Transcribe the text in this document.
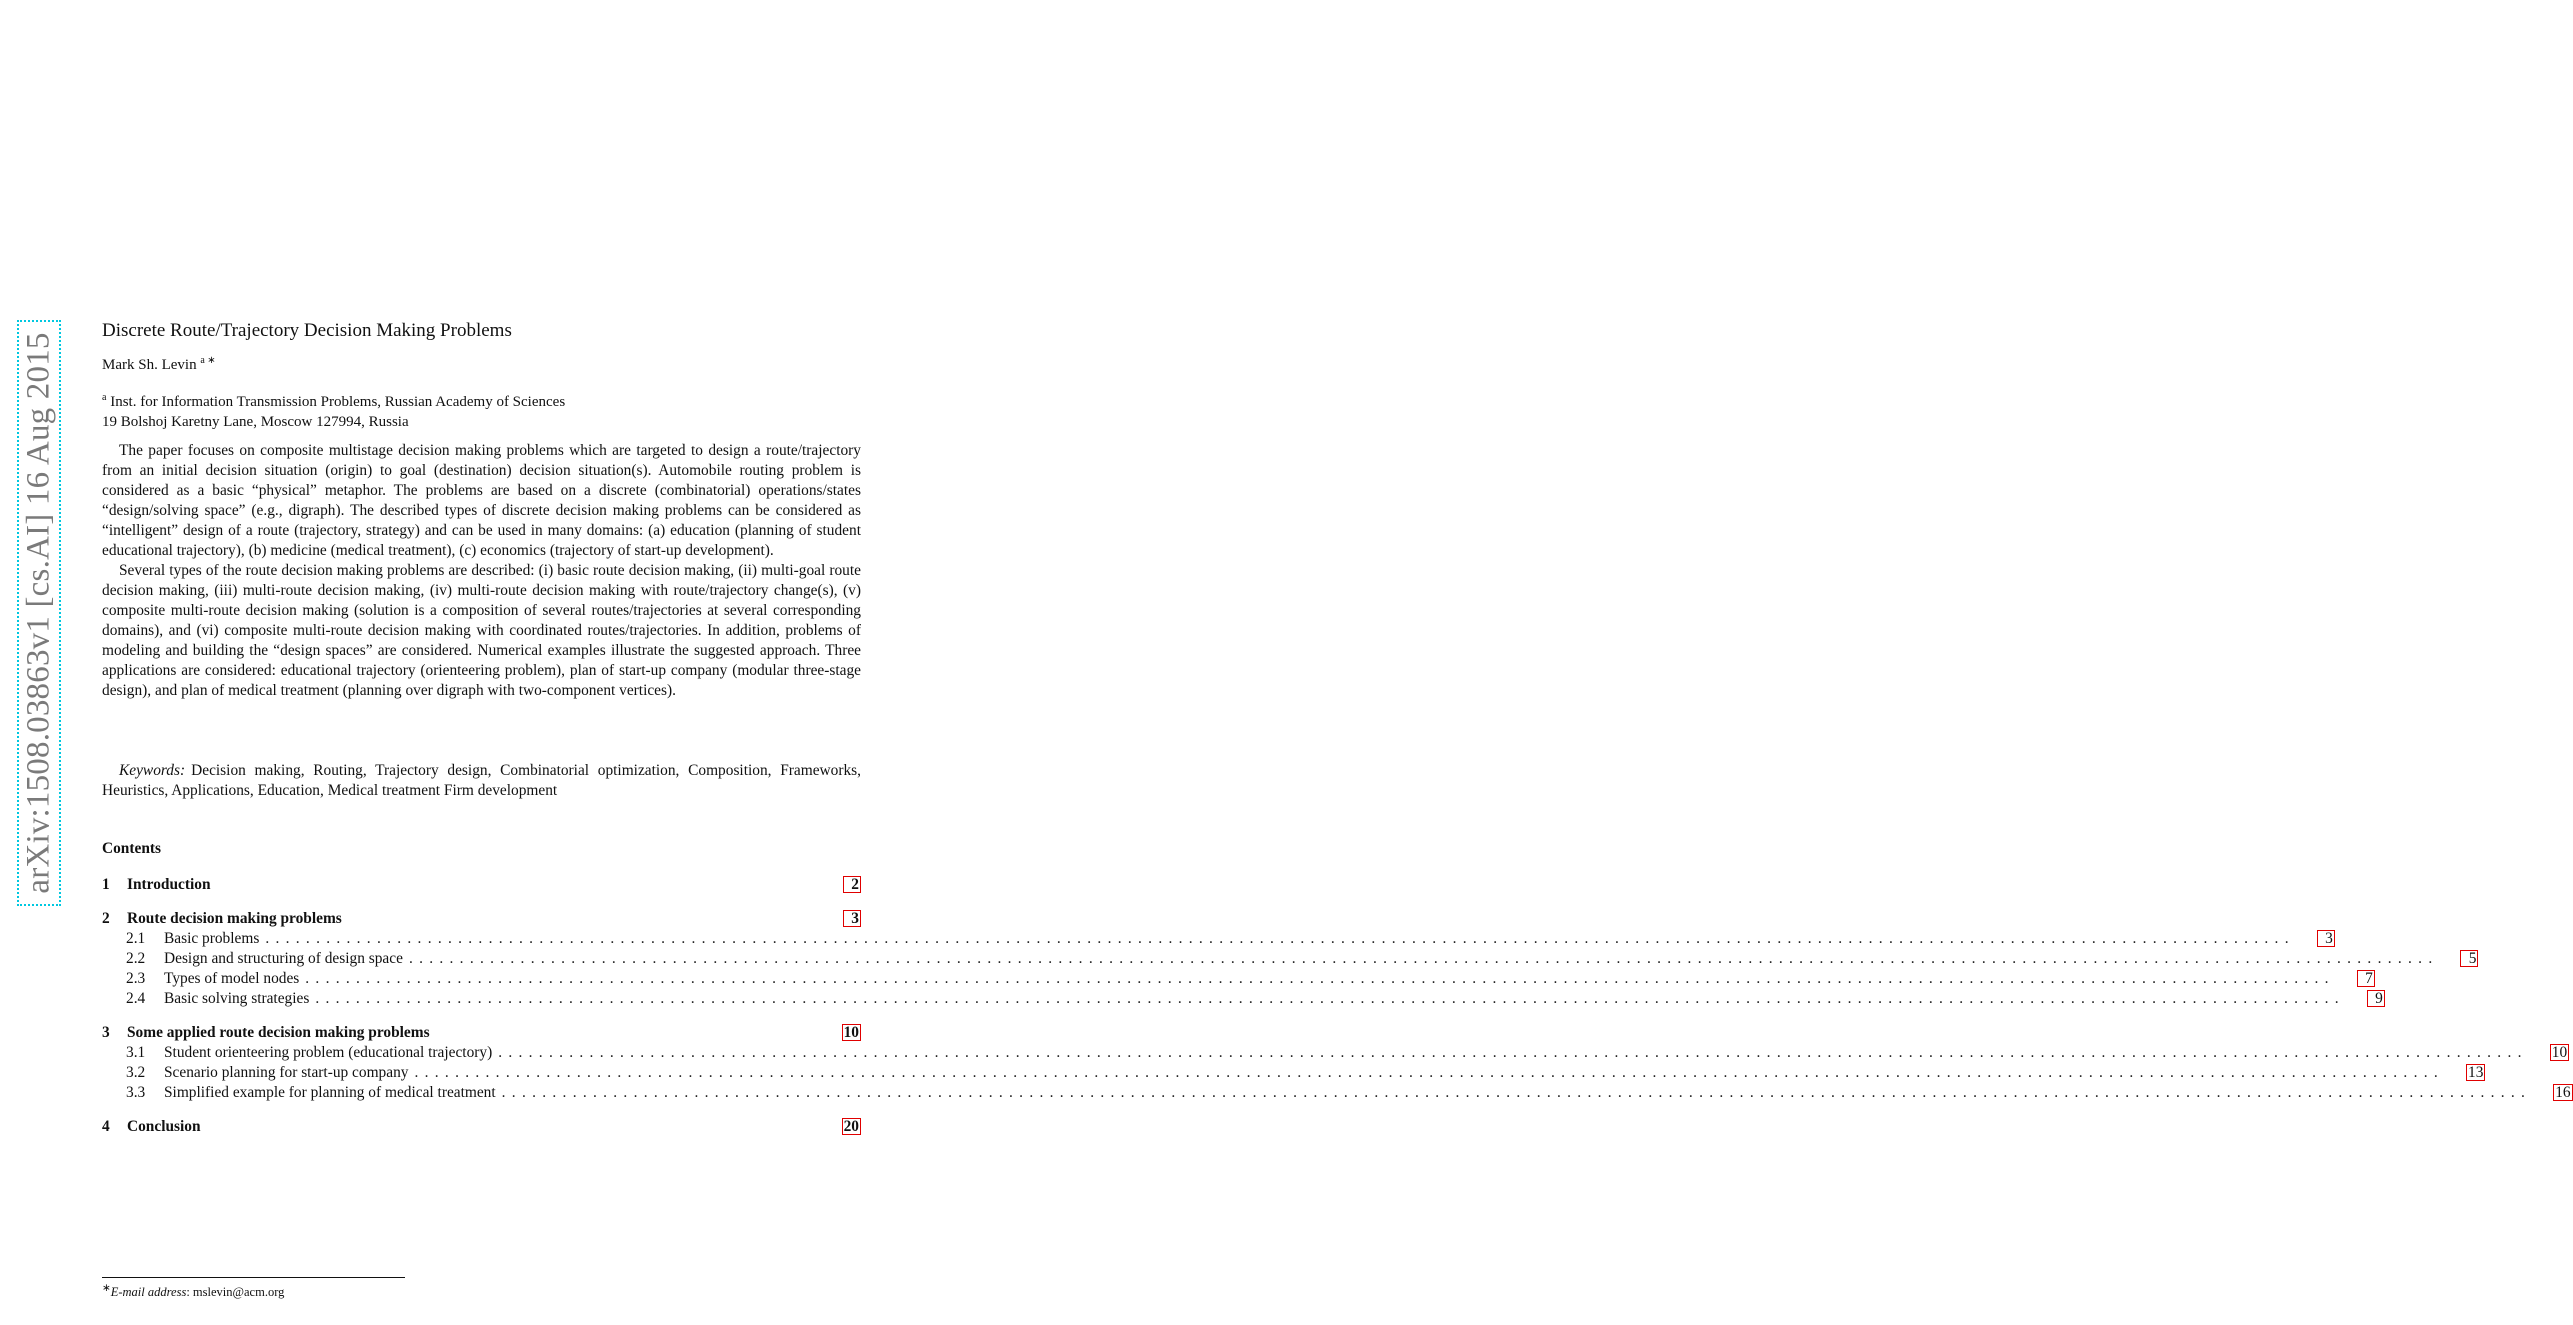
arXiv:1508.03863v1 [cs.AI] 16 Aug 2015
Discrete Route/Trajectory Decision Making Problems
Mark Sh. Levin $^{a ∗}$
$^a$ Inst. for Information Transmission Problems, Russian Academy of Sciences
19 Bolshoj Karetny Lane, Moscow 127994, Russia

The paper focuses on composite multistage decision making problems which are targeted to design a route/trajectory from an initial decision situation (origin) to goal (destination) decision situation(s). Automobile routing problem is considered as a basic “physical” metaphor. The problems are based on a discrete (combinatorial) operations/states “design/solving space” (e.g., digraph). The described types of discrete decision making problems can be considered as “intelligent” design of a route (trajectory, strategy) and can be used in many domains: (a) education (planning of student educational trajectory), (b) medicine (medical treatment), (c) economics (trajectory of start-up development).

Several types of the route decision making problems are described: (i) basic route decision making, (ii) multi-goal route decision making, (iii) multi-route decision making, (iv) multi-route decision making with route/trajectory change(s), (v) composite multi-route decision making (solution is a composition of several routes/trajectories at several corresponding domains), and (vi) composite multi-route decision making with coordinated routes/trajectories. In addition, problems of modeling and building the “design spaces” are considered. Numerical examples illustrate the suggested approach. Three applications are considered: educational trajectory (orienteering problem), plan of start-up company (modular three-stage design), and plan of medical treatment (planning over digraph with two-component vertices).

Keywords: Decision making, Routing, Trajectory design, Combinatorial optimization, Composition, Frameworks, Heuristics, Applications, Education, Medical treatment Firm development
Contents
1	Introduction	2
2	Route decision making problems	3
2.1	Basic problems ........................................................................................................................................................................................................	3
2.2	Design and structuring of design space ........................................................................................................................................................................................................	5
2.3	Types of model nodes ........................................................................................................................................................................................................	7
2.4	Basic solving strategies ........................................................................................................................................................................................................	9
3	Some applied route decision making problems	10
3.1	Student orienteering problem (educational trajectory) ........................................................................................................................................................................................................ 10
3.2	Scenario planning for start-up company ........................................................................................................................................................................................................ 13
3.3	Simplified example for planning of medical treatment ........................................................................................................................................................................................................ 16
4	Conclusion	20
∗E-mail address: mslevin@acm.org
